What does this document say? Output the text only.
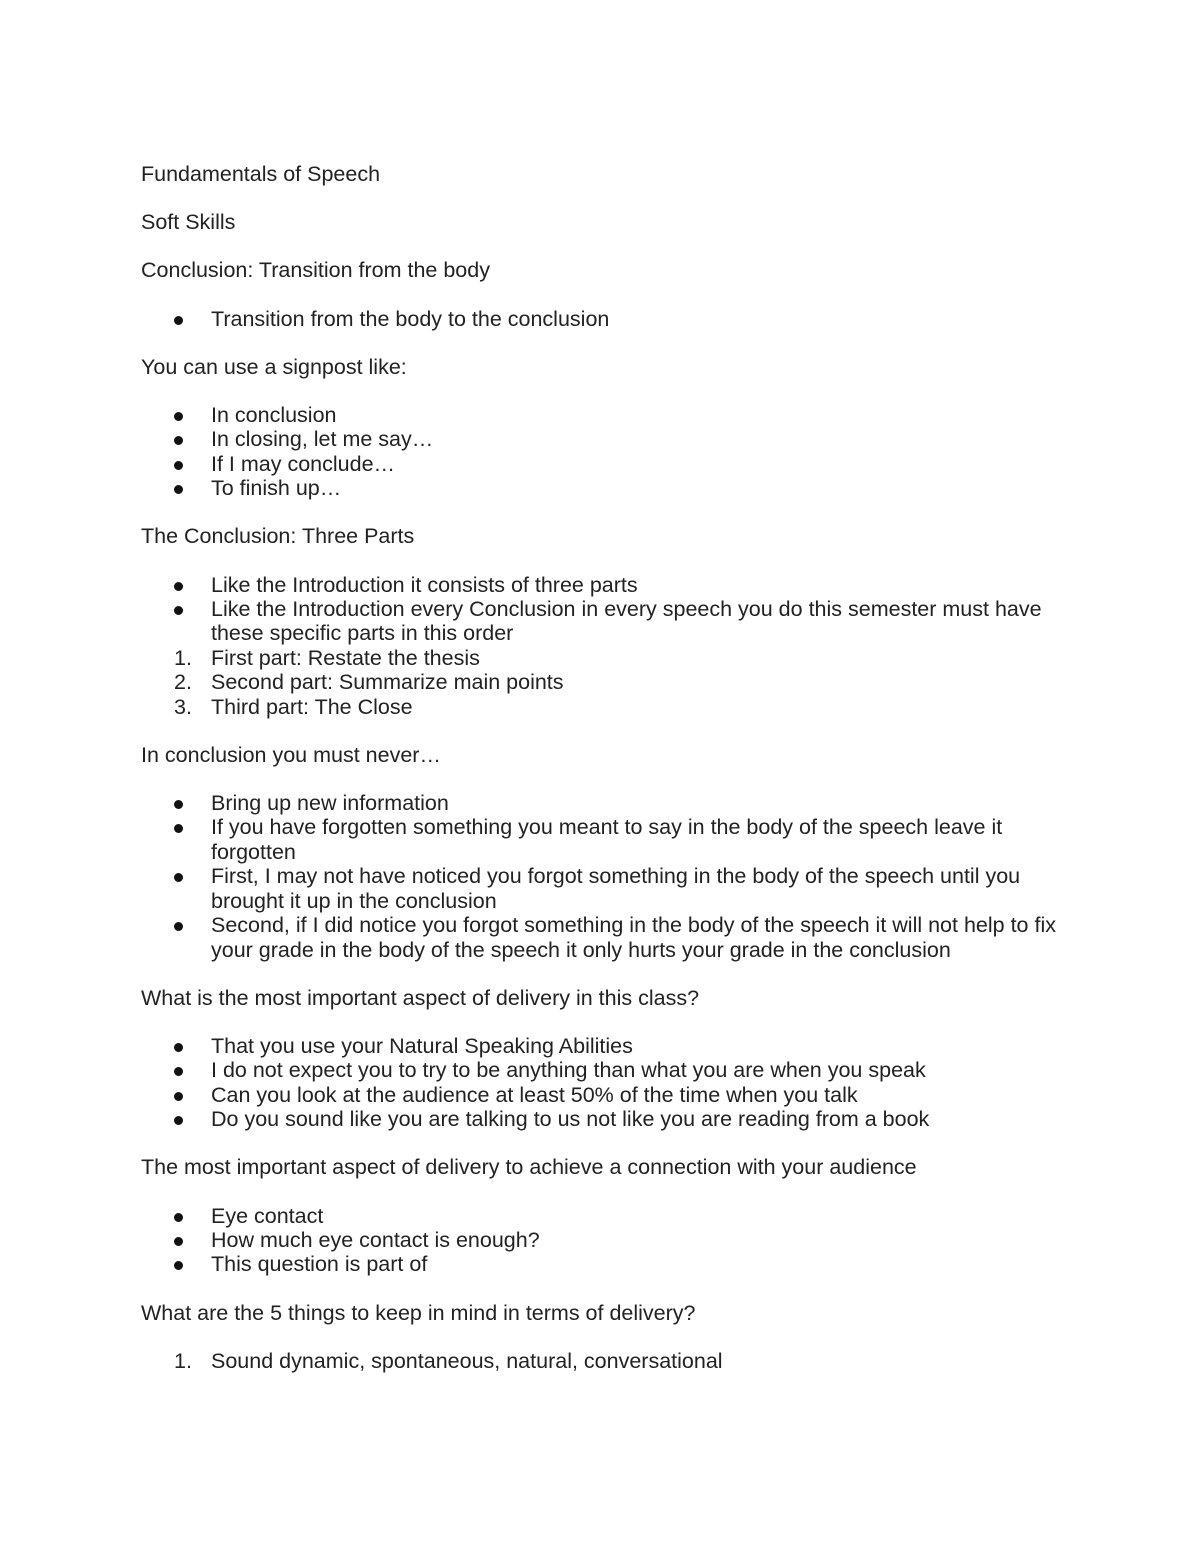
Fundamentals of Speech

Soft Skills

Conclusion: Transition from the body

Transition from the body to the conclusion

You can use a signpost like:

In conclusion
In closing, let me say…
If I may conclude…
To finish up…

The Conclusion: Three Parts

Like the Introduction it consists of three parts
Like the Introduction every Conclusion in every speech you do this semester must have these specific parts in this order
1. First part: Restate the thesis
2. Second part: Summarize main points
3. Third part: The Close

In conclusion you must never…

Bring up new information
If you have forgotten something you meant to say in the body of the speech leave it forgotten
First, I may not have noticed you forgot something in the body of the speech until you brought it up in the conclusion
Second, if I did notice you forgot something in the body of the speech it will not help to fix your grade in the body of the speech it only hurts your grade in the conclusion

What is the most important aspect of delivery in this class?

That you use your Natural Speaking Abilities
I do not expect you to try to be anything than what you are when you speak
Can you look at the audience at least 50% of the time when you talk
Do you sound like you are talking to us not like you are reading from a book

The most important aspect of delivery to achieve a connection with your audience

Eye contact
How much eye contact is enough?
This question is part of

What are the 5 things to keep in mind in terms of delivery?

1. Sound dynamic, spontaneous, natural, conversational
